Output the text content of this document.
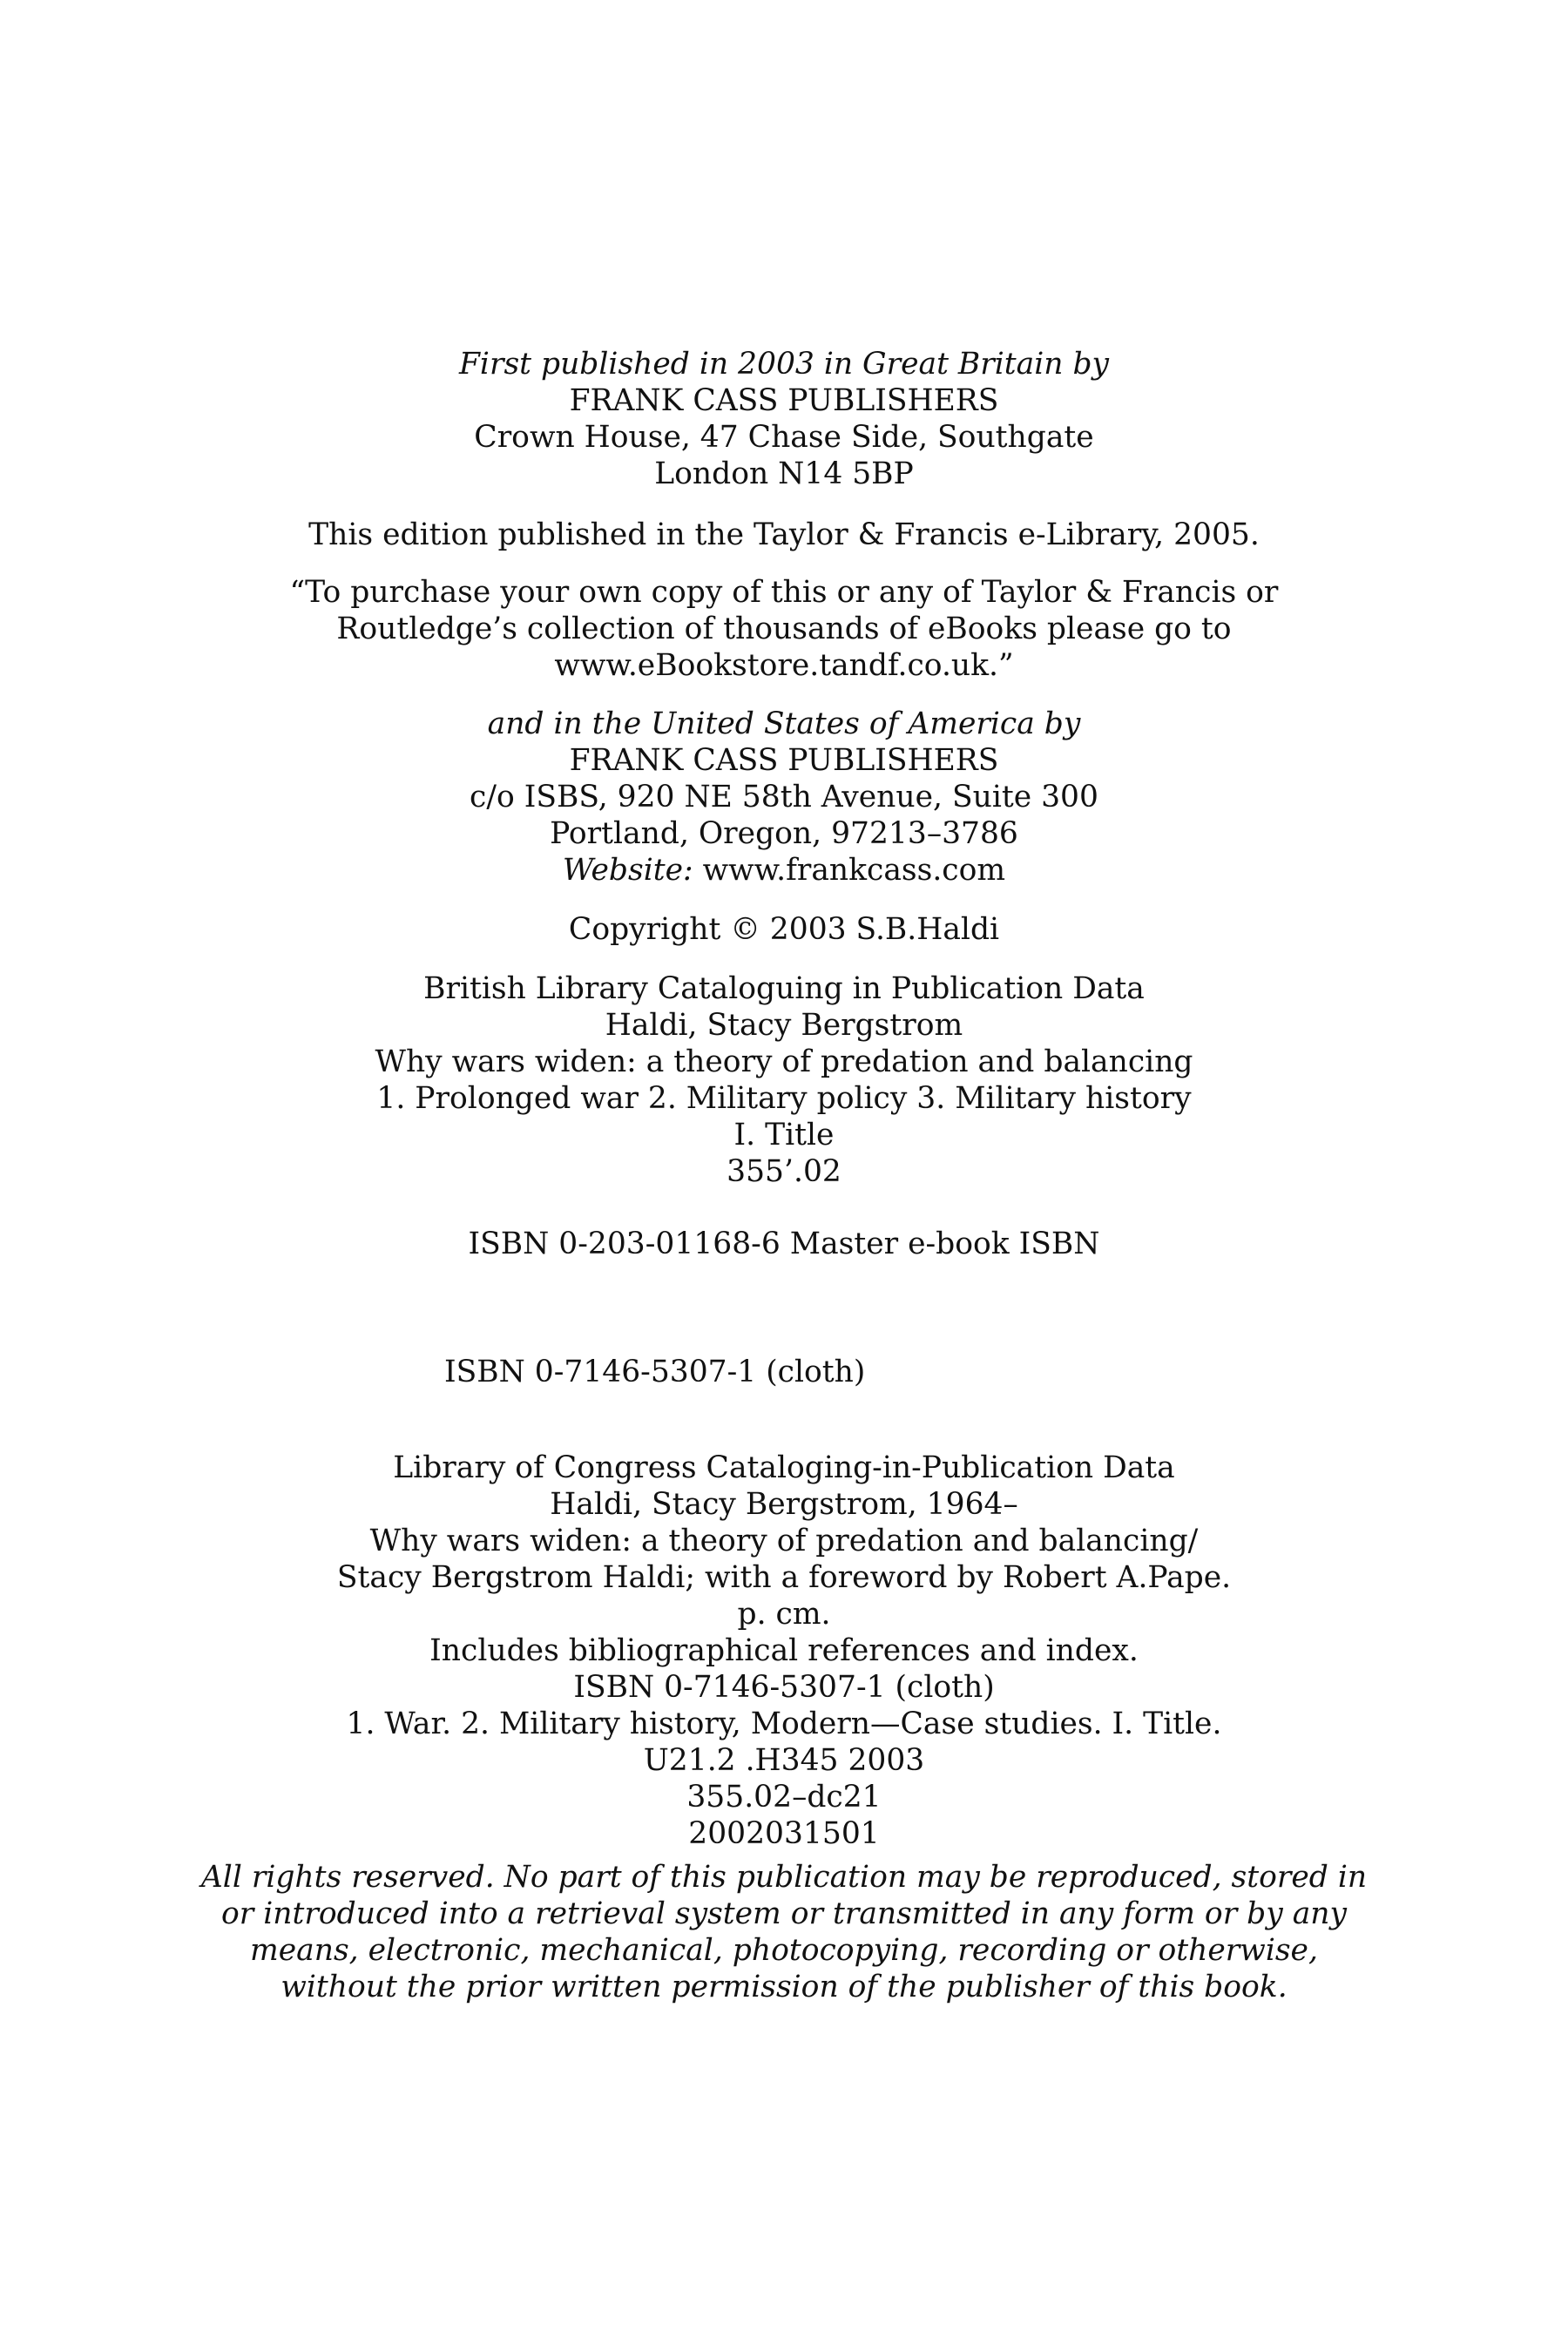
First published in 2003 in Great Britain by
FRANK CASS PUBLISHERS
Crown House, 47 Chase Side, Southgate
London N14 5BP
This edition published in the Taylor & Francis e-Library, 2005.
“To purchase your own copy of this or any of Taylor & Francis or
Routledge’s collection of thousands of eBooks please go to
www.eBookstore.tandf.co.uk.”
and in the United States of America by
FRANK CASS PUBLISHERS
c/o ISBS, 920 NE 58th Avenue, Suite 300
Portland, Oregon, 97213–3786
Website: www.frankcass.com
Copyright © 2003 S.B.Haldi
British Library Cataloguing in Publication Data
Haldi, Stacy Bergstrom
Why wars widen: a theory of predation and balancing
1. Prolonged war 2. Military policy 3. Military history
I. Title
355’.02
ISBN 0-203-01168-6 Master e-book ISBN
ISBN 0-7146-5307-1 (cloth)
Library of Congress Cataloging-in-Publication Data
Haldi, Stacy Bergstrom, 1964–
Why wars widen: a theory of predation and balancing/
Stacy Bergstrom Haldi; with a foreword by Robert A.Pape.
p. cm.
Includes bibliographical references and index.
ISBN 0-7146-5307-1 (cloth)
1. War. 2. Military history, Modern—Case studies. I. Title.
U21.2 .H345 2003
355.02–dc21
2002031501
All rights reserved. No part of this publication may be reproduced, stored in
or introduced into a retrieval system or transmitted in any form or by any
means, electronic, mechanical, photocopying, recording or otherwise,
without the prior written permission of the publisher of this book.
